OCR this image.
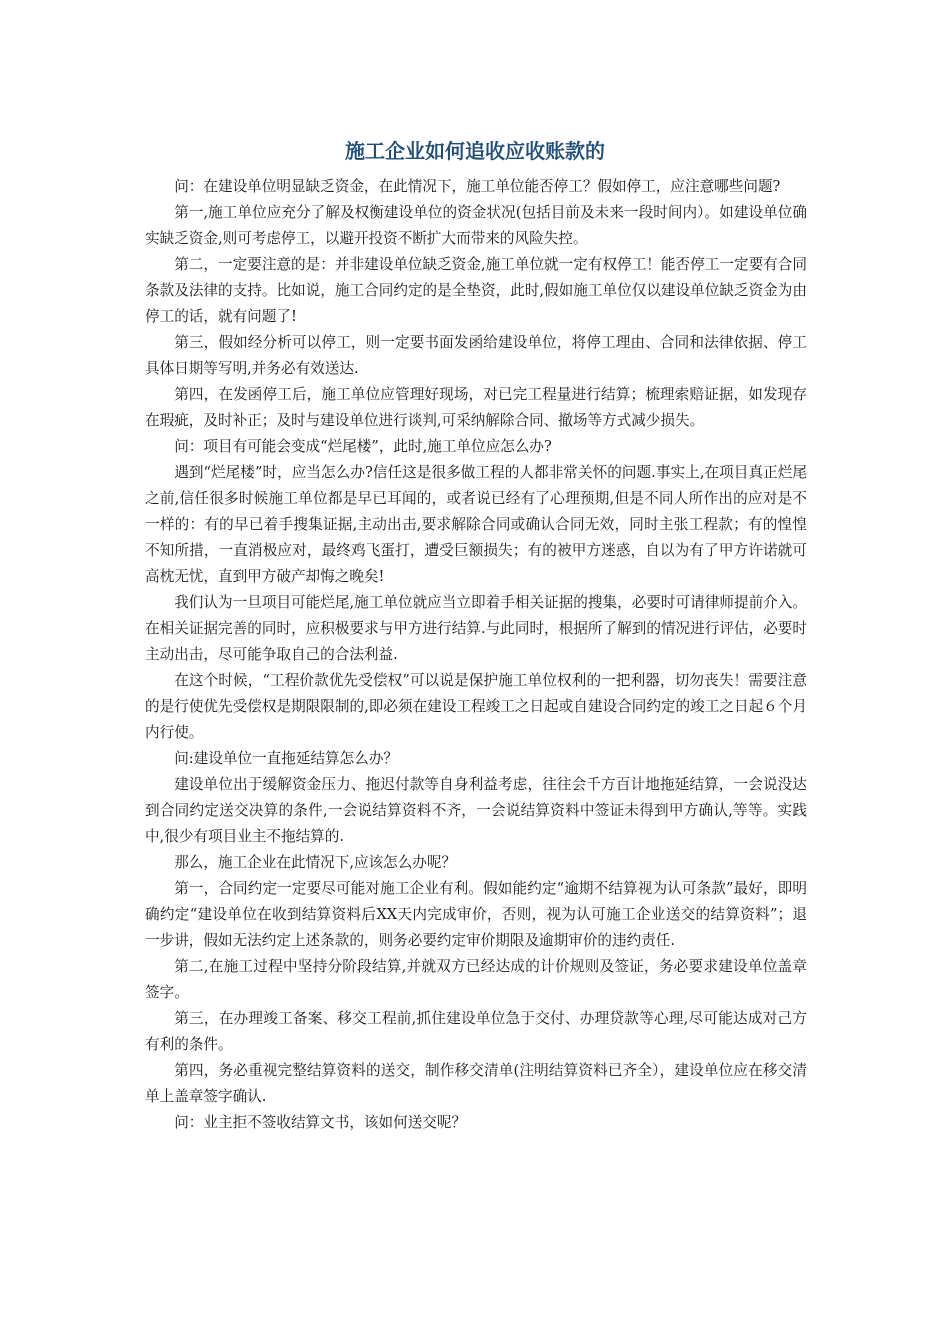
施工企业如何追收应收账款的

问：在建设单位明显缺乏资金，在此情况下，施工单位能否停工？假如停工，应注意哪些问题?

第一,施工单位应充分了解及权衡建设单位的资金状况(包括目前及未来一段时间内）。如建设单位确实缺乏资金,则可考虑停工，以避开投资不断扩大而带来的风险失控。

第二，一定要注意的是：并非建设单位缺乏资金,施工单位就一定有权停工！能否停工一定要有合同条款及法律的支持。比如说，施工合同约定的是全垫资，此时,假如施工单位仅以建设单位缺乏资金为由停工的话，就有问题了!

第三，假如经分析可以停工，则一定要书面发函给建设单位，将停工理由、合同和法律依据、停工具体日期等写明,并务必有效送达.

第四，在发函停工后，施工单位应管理好现场，对已完工程量进行结算；梳理索赔证据，如发现存在瑕疵，及时补正；及时与建设单位进行谈判,可采纳解除合同、撤场等方式减少损失。

问：项目有可能会变成“烂尾楼”，此时,施工单位应怎么办?

遇到“烂尾楼”时，应当怎么办?信任这是很多做工程的人都非常关怀的问题.事实上,在项目真正烂尾之前,信任很多时候施工单位都是早已耳闻的，或者说已经有了心理预期,但是不同人所作出的应对是不一样的：有的早已着手搜集证据,主动出击,要求解除合同或确认合同无效，同时主张工程款；有的惶惶不知所措，一直消极应对，最终鸡飞蛋打，遭受巨额损失；有的被甲方迷惑，自以为有了甲方许诺就可高枕无忧，直到甲方破产却悔之晚矣!

我们认为一旦项目可能烂尾,施工单位就应当立即着手相关证据的搜集，必要时可请律师提前介入。在相关证据完善的同时，应积极要求与甲方进行结算.与此同时，根据所了解到的情况进行评估，必要时主动出击，尽可能争取自己的合法利益.

在这个时候，“工程价款优先受偿权”可以说是保护施工单位权利的一把利器，切勿丧失！需要注意的是行使优先受偿权是期限限制的,即必须在建设工程竣工之日起或自建设合同约定的竣工之日起６个月内行使。

问:建设单位一直拖延结算怎么办？

建设单位出于缓解资金压力、拖迟付款等自身利益考虑，往往会千方百计地拖延结算，一会说没达到合同约定送交决算的条件,一会说结算资料不齐，一会说结算资料中签证未得到甲方确认,等等。实践中,很少有项目业主不拖结算的.

那么，施工企业在此情况下,应该怎么办呢？

第一，合同约定一定要尽可能对施工企业有利。假如能约定“逾期不结算视为认可条款”最好，即明确约定“建设单位在收到结算资料后XX天内完成审价，否则，视为认可施工企业送交的结算资料”；退一步讲，假如无法约定上述条款的，则务必要约定审价期限及逾期审价的违约责任.

第二,在施工过程中坚持分阶段结算,并就双方已经达成的计价规则及签证，务必要求建设单位盖章签字。

第三，在办理竣工备案、移交工程前,抓住建设单位急于交付、办理贷款等心理,尽可能达成对己方有利的条件。

第四，务必重视完整结算资料的送交，制作移交清单(注明结算资料已齐全），建设单位应在移交清单上盖章签字确认.

问：业主拒不签收结算文书，该如何送交呢？
